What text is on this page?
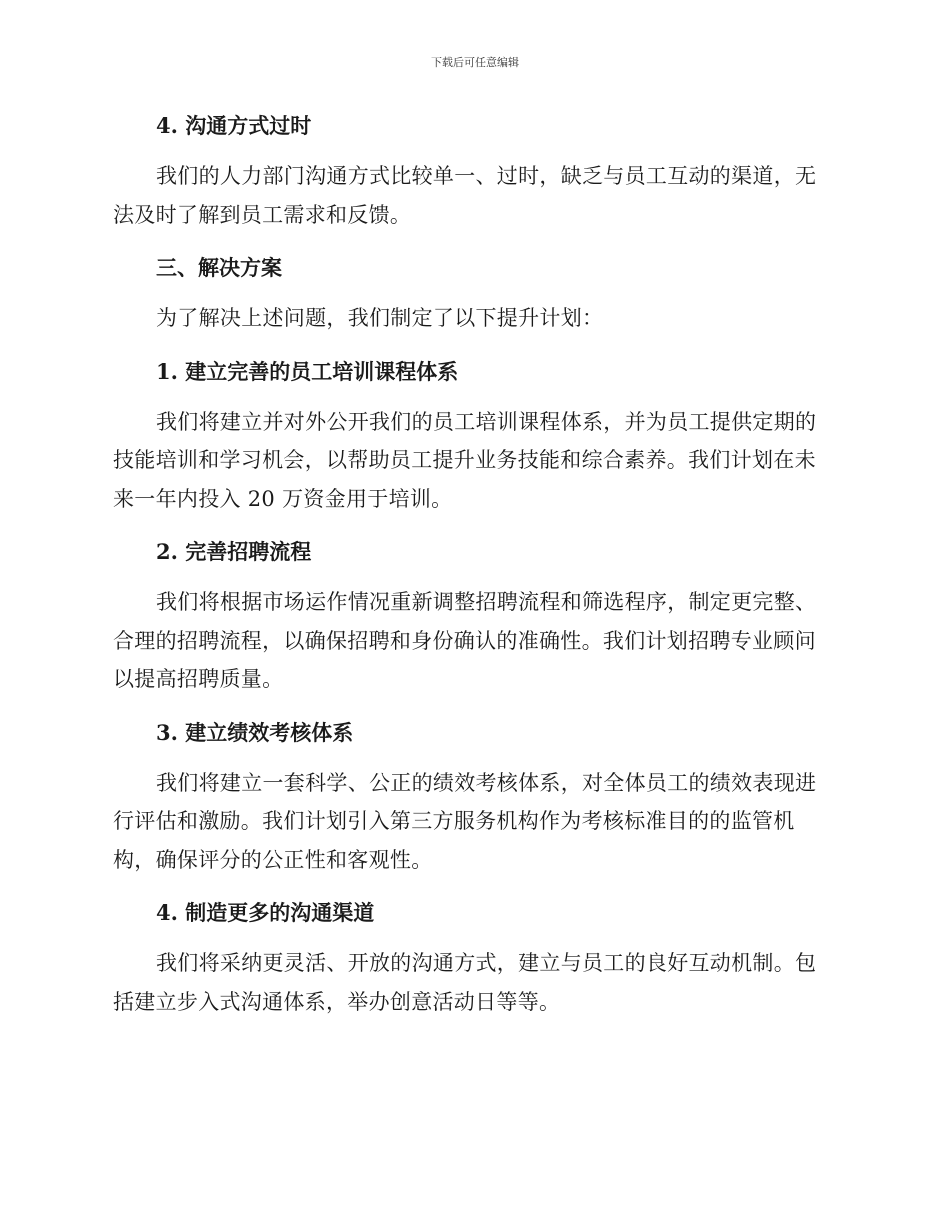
下载后可任意编辑
4. 沟通方式过时

我们的人力部门沟通方式比较单一、过时，缺乏与员工互动的渠道，无法及时了解到员工需求和反馈。

三、解决方案

为了解决上述问题，我们制定了以下提升计划：

1. 建立完善的员工培训课程体系

我们将建立并对外公开我们的员工培训课程体系，并为员工提供定期的技能培训和学习机会，以帮助员工提升业务技能和综合素养。我们计划在未来一年内投入 20 万资金用于培训。

2. 完善招聘流程

我们将根据市场运作情况重新调整招聘流程和筛选程序，制定更完整、合理的招聘流程，以确保招聘和身份确认的准确性。我们计划招聘专业顾问以提高招聘质量。

3. 建立绩效考核体系

我们将建立一套科学、公正的绩效考核体系，对全体员工的绩效表现进行评估和激励。我们计划引入第三方服务机构作为考核标准目的的监管机构，确保评分的公正性和客观性。

4. 制造更多的沟通渠道

我们将采纳更灵活、开放的沟通方式，建立与员工的良好互动机制。包括建立步入式沟通体系，举办创意活动日等等。
